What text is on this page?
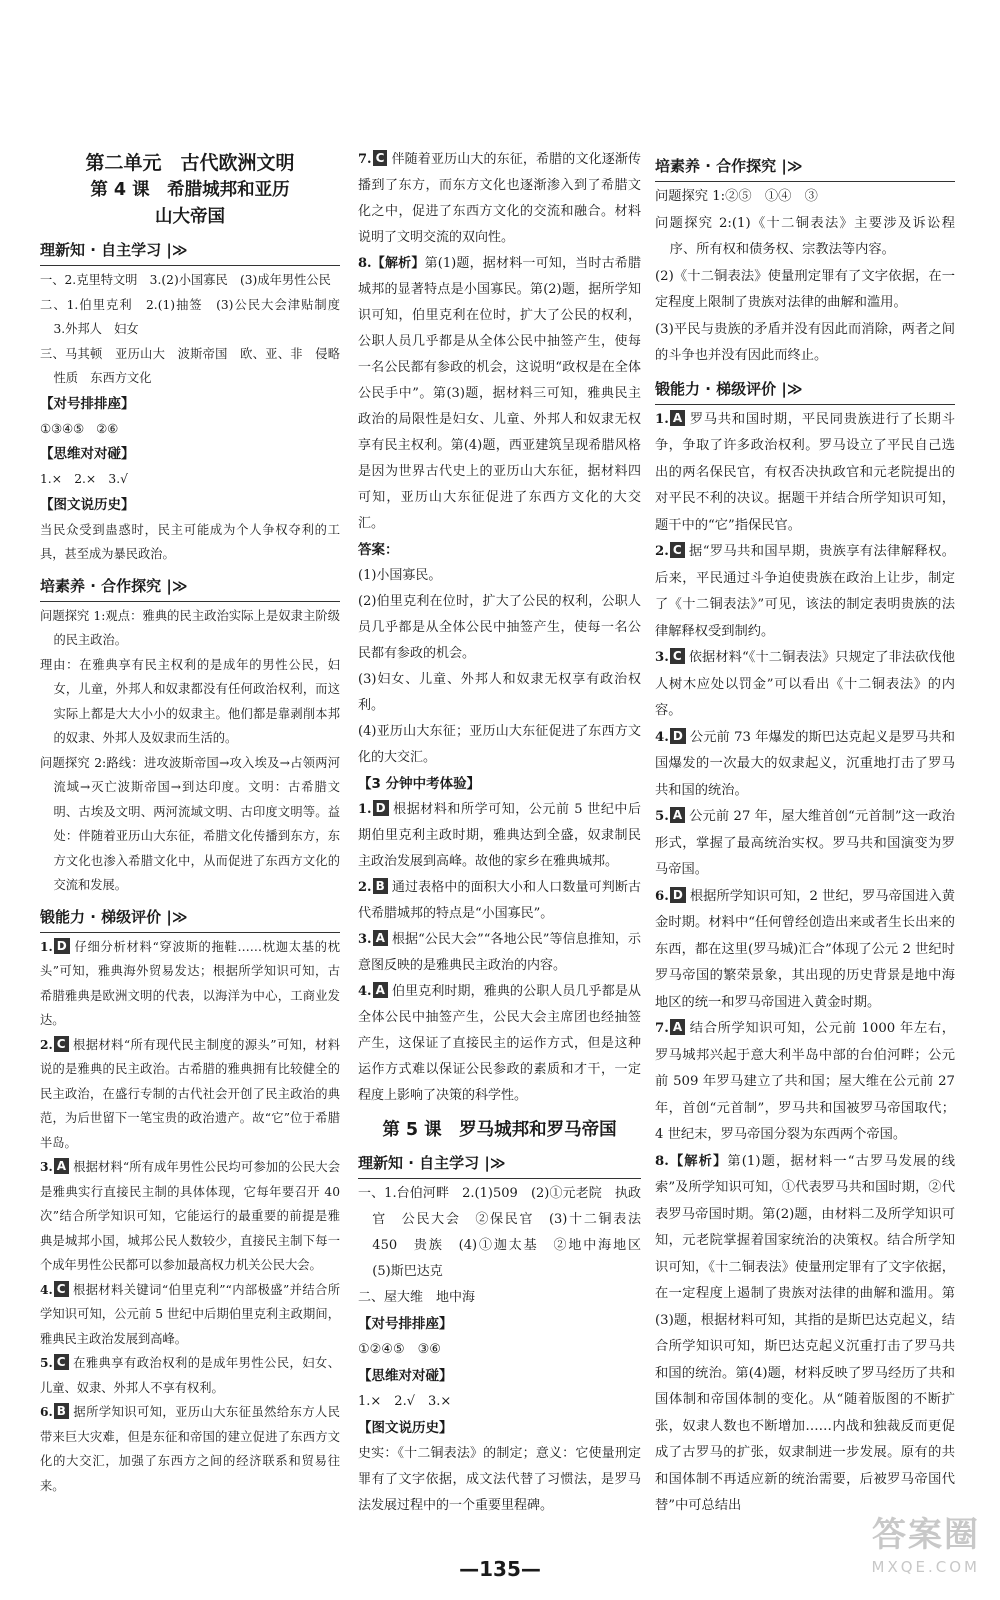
第二单元　古代欧洲文明
第 4 课　希腊城邦和亚历
山大帝国
理新知 · 自主学习 |≫

一、2.克里特文明　3.(2)小国寡民　(3)成年男性公民

二、1.伯里克利　2.(1)抽签　(3)公民大会津贴制度　3.外邦人　妇女

三、马其顿　亚历山大　波斯帝国　欧、亚、非　侵略性质　东西方文化

【对号排排座】

①③④⑤　②⑥

【思维对对碰】

1.×　2.×　3.√

【图文说历史】

当民众受到蛊惑时，民主可能成为个人争权夺利的工具，甚至成为暴民政治。

培素养 · 合作探究 |≫

问题探究 1:观点：雅典的民主政治实际上是奴隶主阶级的民主政治。

理由：在雅典享有民主权利的是成年的男性公民，妇女，儿童，外邦人和奴隶都没有任何政治权利，而这实际上都是大大小小的奴隶主。他们都是靠剥削本邦的奴隶、外邦人及奴隶而生活的。

问题探究 2:路线：进攻波斯帝国→攻入埃及→占领两河流域→灭亡波斯帝国→到达印度。文明：古希腊文明、古埃及文明、两河流域文明、古印度文明等。益处：伴随着亚历山大东征，希腊文化传播到东方，东方文化也渗入希腊文化中，从而促进了东西方文化的交流和发展。

锻能力 · 梯级评价 |≫

1. D 仔细分析材料“穿波斯的拖鞋……枕迦太基的枕头”可知，雅典海外贸易发达；根据所学知识可知，古希腊雅典是欧洲文明的代表，以海洋为中心，工商业发达。

2. C 根据材料“所有现代民主制度的源头”可知，材料说的是雅典的民主政治。古希腊的雅典拥有比较健全的民主政治，在盛行专制的古代社会开创了民主政治的典范，为后世留下一笔宝贵的政治遗产。故“它”位于希腊半岛。

3. A 根据材料“所有成年男性公民均可参加的公民大会是雅典实行直接民主制的具体体现，它每年要召开 40 次”结合所学知识可知，它能运行的最重要的前提是雅典是城邦小国，城邦公民人数较少，直接民主制下每一个成年男性公民都可以参加最高权力机关公民大会。

4. C 根据材料关键词“伯里克利”“内部极盛”并结合所学知识可知，公元前 5 世纪中后期伯里克利主政期间，雅典民主政治发展到高峰。

5. C 在雅典享有政治权利的是成年男性公民，妇女、儿童、奴隶、外邦人不享有权利。

6. B 据所学知识可知，亚历山大东征虽然给东方人民带来巨大灾难，但是东征和帝国的建立促进了东西方文化的大交汇，加强了东西方之间的经济联系和贸易往来。

7. C 伴随着亚历山大的东征，希腊的文化逐渐传播到了东方，而东方文化也逐渐渗入到了希腊文化之中，促进了东西方文化的交流和融合。材料说明了文明交流的双向性。

8.【解析】第(1)题，据材料一可知，当时古希腊城邦的显著特点是小国寡民。第(2)题，据所学知识可知，伯里克利在位时，扩大了公民的权利，公职人员几乎都是从全体公民中抽签产生，使每一名公民都有参政的机会，这说明“政权是在全体公民手中”。第(3)题，据材料三可知，雅典民主政治的局限性是妇女、儿童、外邦人和奴隶无权享有民主权利。第(4)题，西亚建筑呈现希腊风格是因为世界古代史上的亚历山大东征，据材料四可知，亚历山大东征促进了东西方文化的大交汇。

答案：

(1)小国寡民。

(2)伯里克利在位时，扩大了公民的权利，公职人员几乎都是从全体公民中抽签产生，使每一名公民都有参政的机会。

(3)妇女、儿童、外邦人和奴隶无权享有政治权利。

(4)亚历山大东征；亚历山大东征促进了东西方文化的大交汇。

【3 分钟中考体验】

1. D 根据材料和所学可知，公元前 5 世纪中后期伯里克利主政时期，雅典达到全盛，奴隶制民主政治发展到高峰。故他的家乡在雅典城邦。

2. B 通过表格中的面积大小和人口数量可判断古代希腊城邦的特点是“小国寡民”。

3. A 根据“公民大会”“各地公民”等信息推知，示意图反映的是雅典民主政治的内容。

4. A 伯里克利时期，雅典的公职人员几乎都是从全体公民中抽签产生，公民大会主席团也经抽签产生，这保证了直接民主的运作方式，但是这种运作方式难以保证公民参政的素质和才干，一定程度上影响了决策的科学性。

第 5 课　罗马城邦和罗马帝国
理新知 · 自主学习 |≫

一、1.台伯河畔　2.(1)509　(2)①元老院　执政官　公民大会　②保民官　(3)十二铜表法　450　贵族　(4)①迦太基　②地中海地区　(5)斯巴达克

二、屋大维　地中海

【对号排排座】

①②④⑤　③⑥

【思维对对碰】

1.×　2.√　3.×

【图文说历史】

史实：《十二铜表法》的制定；意义：它使量刑定罪有了文字依据，成文法代替了习惯法，是罗马法发展过程中的一个重要里程碑。

培素养 · 合作探究 |≫

问题探究 1:②⑤　①④　③

问题探究 2:(1)《十二铜表法》主要涉及诉讼程序、所有权和债务权、宗教法等内容。

(2)《十二铜表法》使量刑定罪有了文字依据，在一定程度上限制了贵族对法律的曲解和滥用。

(3)平民与贵族的矛盾并没有因此而消除，两者之间的斗争也并没有因此而终止。

锻能力 · 梯级评价 |≫

1. A 罗马共和国时期，平民同贵族进行了长期斗争，争取了许多政治权利。罗马设立了平民自己选出的两名保民官，有权否决执政官和元老院提出的对平民不利的决议。据题干并结合所学知识可知，题干中的“它”指保民官。

2. C 据“罗马共和国早期，贵族享有法律解释权。后来，平民通过斗争迫使贵族在政治上让步，制定了《十二铜表法》”可见，该法的制定表明贵族的法律解释权受到制约。

3. C 依据材料“《十二铜表法》只规定了非法砍伐他人树木应处以罚金”可以看出《十二铜表法》的内容。

4. D 公元前 73 年爆发的斯巴达克起义是罗马共和国爆发的一次最大的奴隶起义，沉重地打击了罗马共和国的统治。

5. A 公元前 27 年，屋大维首创“元首制”这一政治形式，掌握了最高统治实权。罗马共和国演变为罗马帝国。

6. D 根据所学知识可知，2 世纪，罗马帝国进入黄金时期。材料中“任何曾经创造出来或者生长出来的东西，都在这里(罗马城)汇合”体现了公元 2 世纪时罗马帝国的繁荣景象，其出现的历史背景是地中海地区的统一和罗马帝国进入黄金时期。

7. A 结合所学知识可知，公元前 1000 年左右，罗马城邦兴起于意大利半岛中部的台伯河畔；公元前 509 年罗马建立了共和国；屋大维在公元前 27 年，首创“元首制”，罗马共和国被罗马帝国取代；4 世纪末，罗马帝国分裂为东西两个帝国。

8.【解析】第(1)题，据材料一“古罗马发展的线索”及所学知识可知，①代表罗马共和国时期，②代表罗马帝国时期。第(2)题，由材料二及所学知识可知，元老院掌握着国家统治的决策权。结合所学知识可知，《十二铜表法》使量刑定罪有了文字依据，在一定程度上遏制了贵族对法律的曲解和滥用。第(3)题，根据材料可知，其指的是斯巴达克起义，结合所学知识可知，斯巴达克起义沉重打击了罗马共和国的统治。第(4)题，材料反映了罗马经历了共和国体制和帝国体制的变化。从“随着版图的不断扩张，奴隶人数也不断增加……内战和独裁反而更促成了古罗马的扩张，奴隶制进一步发展。原有的共和国体制不再适应新的统治需要，后被罗马帝国代替”中可总结出

—135—
答案圈
MXQE.COM
